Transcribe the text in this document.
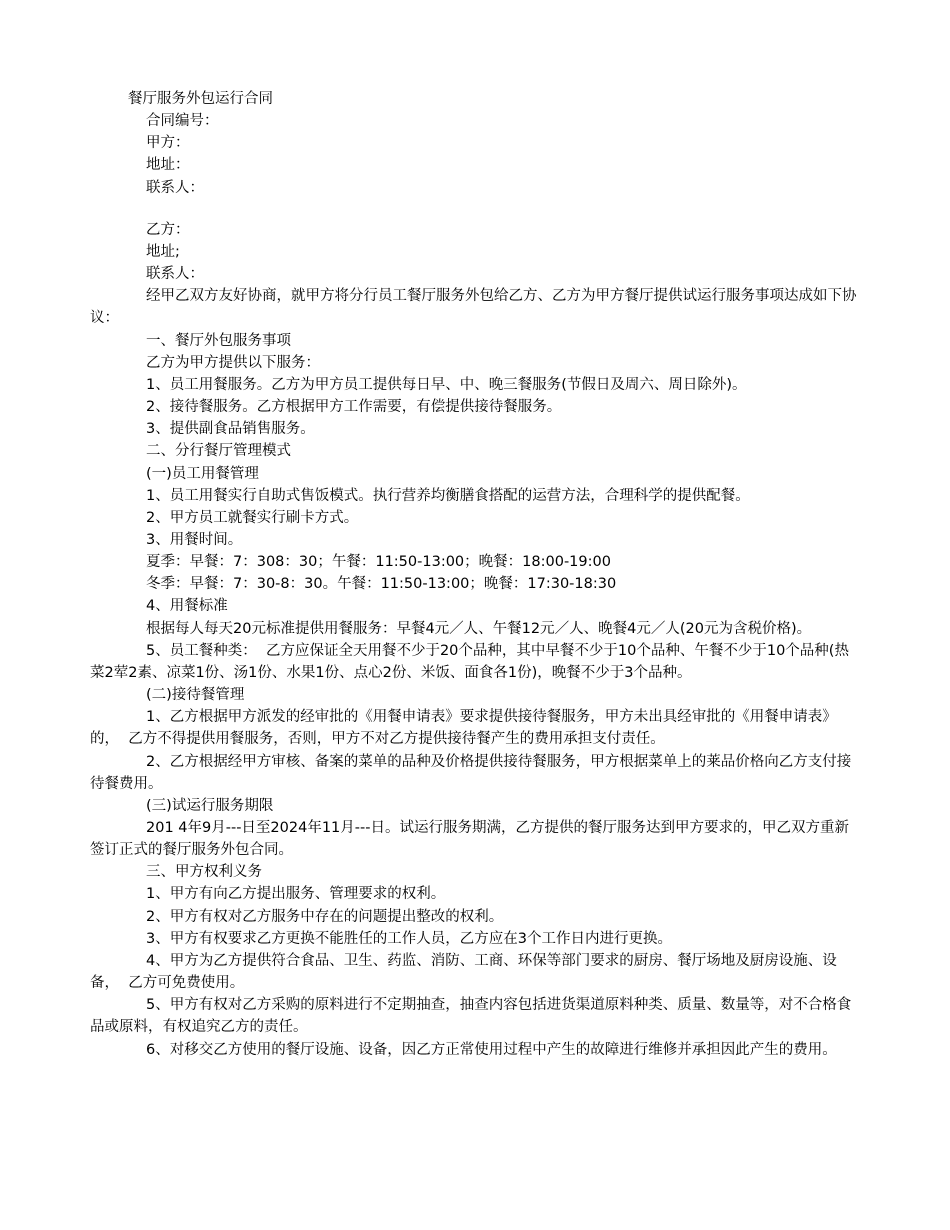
餐厅服务外包运行合同

合同编号：

甲方：

地址：

联系人：

乙方：

地址;

联系人：

经甲乙双方友好协商，就甲方将分行员工餐厅服务外包给乙方、乙方为甲方餐厅提供试运行服务事项达成如下协议：

一、餐厅外包服务事项

乙方为甲方提供以下服务：

1、员工用餐服务。乙方为甲方员工提供每日早、中、晚三餐服务(节假日及周六、周日除外)。

2、接待餐服务。乙方根据甲方工作需要，有偿提供接待餐服务。

3、提供副食品销售服务。

二、分行餐厅管理模式

(一)员工用餐管理

1、员工用餐实行自助式售饭模式。执行营养均衡膳食搭配的运营方法，合理科学的提供配餐。

2、甲方员工就餐实行刷卡方式。

3、用餐时间。

夏季：早餐：7：308：30；午餐：11:50-13:00；晚餐：18:00-19:00

冬季：早餐：7：30-8：30。午餐：11:50-13:00；晚餐：17:30-18:30

4、用餐标准

根据每人每天20元标准提供用餐服务：早餐4元／人、午餐12元／人、晚餐4元／人(20元为含税价格)。

5、员工餐种类：  乙方应保证全天用餐不少于20个品种，其中早餐不少于10个品种、午餐不少于10个品种(热菜2荤2素、凉菜1份、汤1份、水果1份、点心2份、米饭、面食各1份)，晚餐不少于3个品种。

(二)接待餐管理

1、乙方根据甲方派发的经审批的《用餐申请表》要求提供接待餐服务，甲方未出具经审批的《用餐申请表》的，  乙方不得提供用餐服务，否则，甲方不对乙方提供接待餐产生的费用承担支付责任。

2、乙方根据经甲方审核、备案的菜单的品种及价格提供接待餐服务，甲方根据菜单上的莱品价格向乙方支付接待餐费用。

(三)试运行服务期限

201 4年9月---日至2024年11月---日。试运行服务期满，乙方提供的餐厅服务达到甲方要求的，甲乙双方重新签订正式的餐厅服务外包合同。

三、甲方权利义务

1、甲方有向乙方提出服务、管理要求的权利。

2、甲方有权对乙方服务中存在的问题提出整改的权利。

3、甲方有权要求乙方更换不能胜任的工作人员，乙方应在3个工作日内进行更换。

4、甲方为乙方提供符合食品、卫生、药监、消防、工商、环保等部门要求的厨房、餐厅场地及厨房设施、设备，  乙方可免费使用。

5、甲方有权对乙方采购的原料进行不定期抽查，抽查内容包括进货渠道原料种类、质量、数量等，对不合格食品或原料，有权追究乙方的责任。

6、对移交乙方使用的餐厅设施、设备，因乙方正常使用过程中产生的故障进行维修并承担因此产生的费用。
